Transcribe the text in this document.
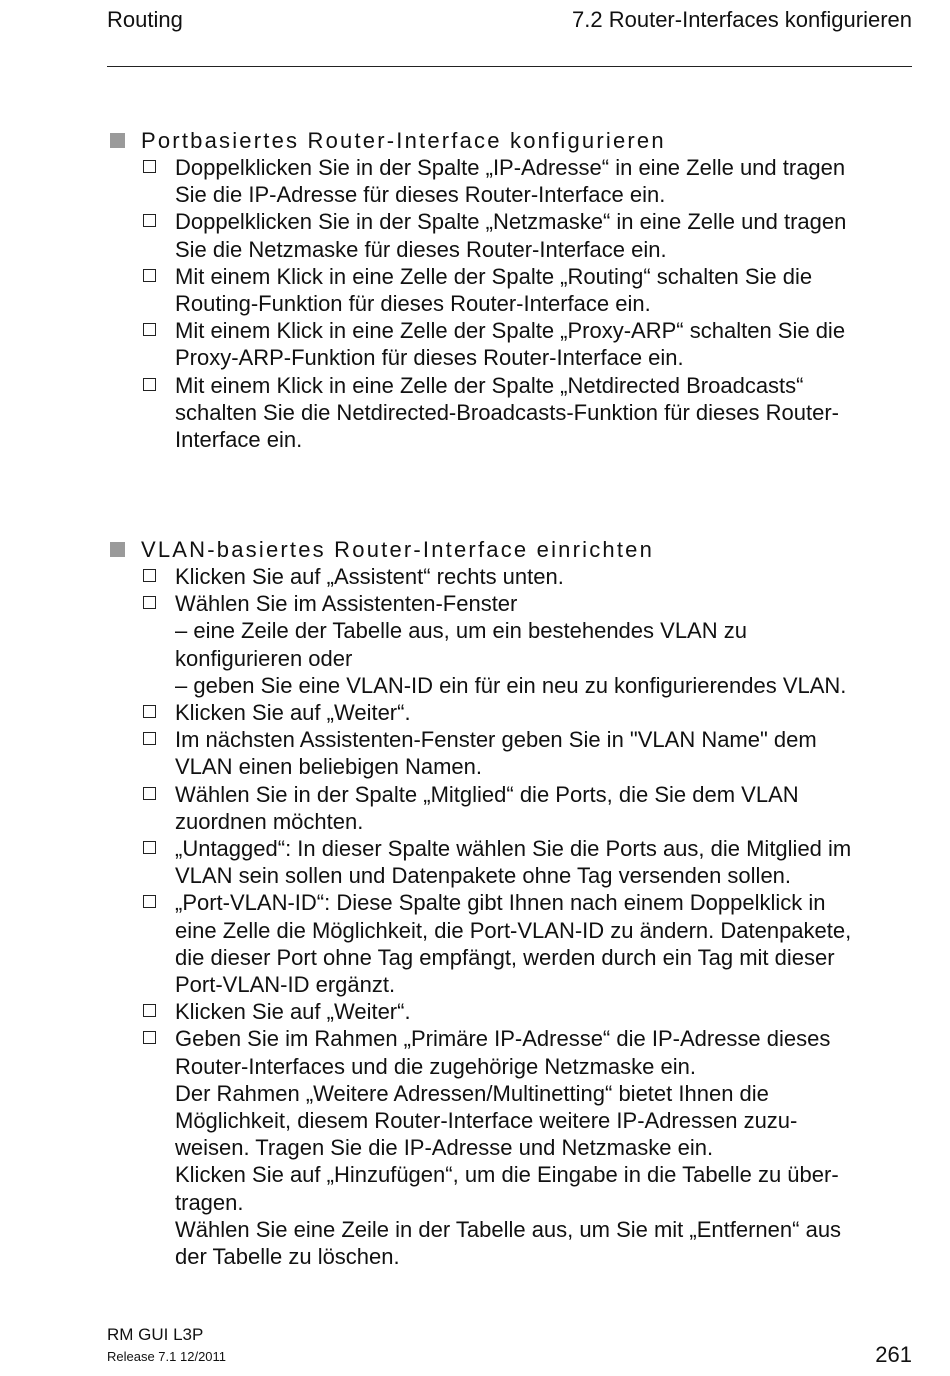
Routing	7.2 Router-Interfaces konfigurieren
Portbasiertes Router-Interface konfigurieren
Doppelklicken Sie in der Spalte „IP-Adresse“ in eine Zelle und tragen
Sie die IP-Adresse für dieses Router-Interface ein.
Doppelklicken Sie in der Spalte „Netzmaske“ in eine Zelle und tragen
Sie die Netzmaske für dieses Router-Interface ein.
Mit einem Klick in eine Zelle der Spalte „Routing“ schalten Sie die
Routing-Funktion für dieses Router-Interface ein.
Mit einem Klick in eine Zelle der Spalte „Proxy-ARP“ schalten Sie die
Proxy-ARP-Funktion für dieses Router-Interface ein.
Mit einem Klick in eine Zelle der Spalte „Netdirected Broadcasts“
schalten Sie die Netdirected-Broadcasts-Funktion für dieses Router-
Interface ein.
VLAN-basiertes Router-Interface einrichten
Klicken Sie auf „Assistent“ rechts unten.
Wählen Sie im Assistenten-Fenster
– eine Zeile der Tabelle aus, um ein bestehendes VLAN zu
konfigurieren oder
– geben Sie eine VLAN-ID ein für ein neu zu konfigurierendes VLAN.
Klicken Sie auf „Weiter“.
Im nächsten Assistenten-Fenster geben Sie in "VLAN Name" dem
VLAN einen beliebigen Namen.
Wählen Sie in der Spalte „Mitglied“ die Ports, die Sie dem VLAN
zuordnen möchten.
„Untagged“: In dieser Spalte wählen Sie die Ports aus, die Mitglied im
VLAN sein sollen und Datenpakete ohne Tag versenden sollen.
„Port-VLAN-ID“: Diese Spalte gibt Ihnen nach einem Doppelklick in
eine Zelle die Möglichkeit, die Port-VLAN-ID zu ändern. Datenpakete,
die dieser Port ohne Tag empfängt, werden durch ein Tag mit dieser
Port-VLAN-ID ergänzt.
Klicken Sie auf „Weiter“.
Geben Sie im Rahmen „Primäre IP-Adresse“ die IP-Adresse dieses
Router-Interfaces und die zugehörige Netzmaske ein.
Der Rahmen „Weitere Adressen/Multinetting“ bietet Ihnen die
Möglichkeit, diesem Router-Interface weitere IP-Adressen zuzu-
weisen. Tragen Sie die IP-Adresse und Netzmaske ein.
Klicken Sie auf „Hinzufügen“, um die Eingabe in die Tabelle zu über-
tragen.
Wählen Sie eine Zeile in der Tabelle aus, um Sie mit „Entfernen“ aus
der Tabelle zu löschen.
RM GUI L3P
Release 7.1 12/2011	261
